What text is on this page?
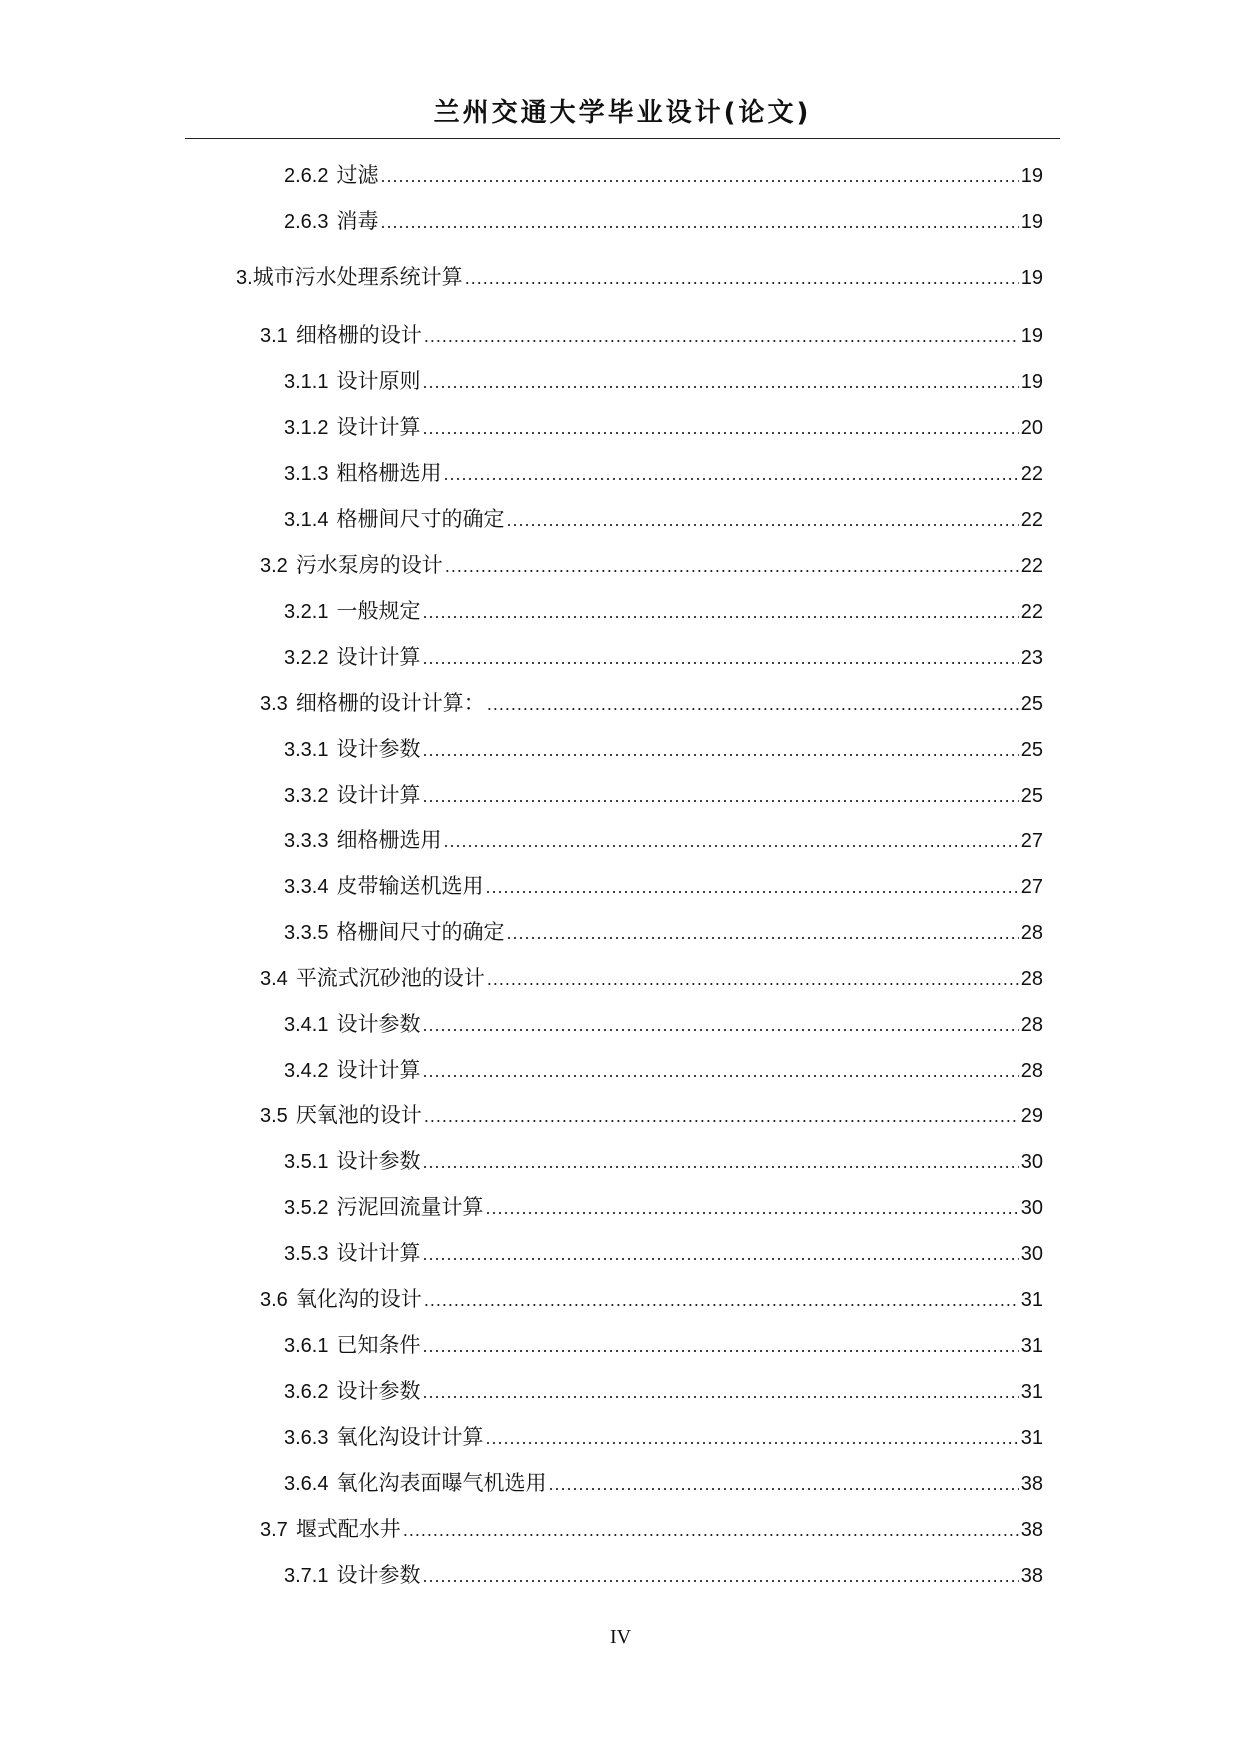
兰州交通大学毕业设计(论文)
2.6.2 过滤 .....	19
2.6.3 消毒 .....	19
3. 城市污水处理系统计算 .....	19
3.1 细格栅的设计 .....	19
3.1.1 设计原则 .....	19
3.1.2 设计计算 .....	20
3.1.3 粗格栅选用 .....	22
3.1.4 格栅间尺寸的确定 .....	22
3.2 污水泵房的设计 .....	22
3.2.1 一般规定 .....	22
3.2.2 设计计算 .....	23
3.3 细格栅的设计计算： .....	25
3.3.1 设计参数 .....	25
3.3.2 设计计算 .....	25
3.3.3 细格栅选用 .....	27
3.3.4 皮带输送机选用 .....	27
3.3.5 格栅间尺寸的确定 .....	28
3.4 平流式沉砂池的设计 .....	28
3.4.1 设计参数 .....	28
3.4.2 设计计算 .....	28
3.5 厌氧池的设计 .....	29
3.5.1 设计参数 .....	30
3.5.2 污泥回流量计算 .....	30
3.5.3 设计计算 .....	30
3.6 氧化沟的设计 .....	31
3.6.1 已知条件 .....	31
3.6.2 设计参数 .....	31
3.6.3 氧化沟设计计算 .....	31
3.6.4 氧化沟表面曝气机选用 .....	38
3.7 堰式配水井 .....	38
3.7.1 设计参数 .....	38
IV
